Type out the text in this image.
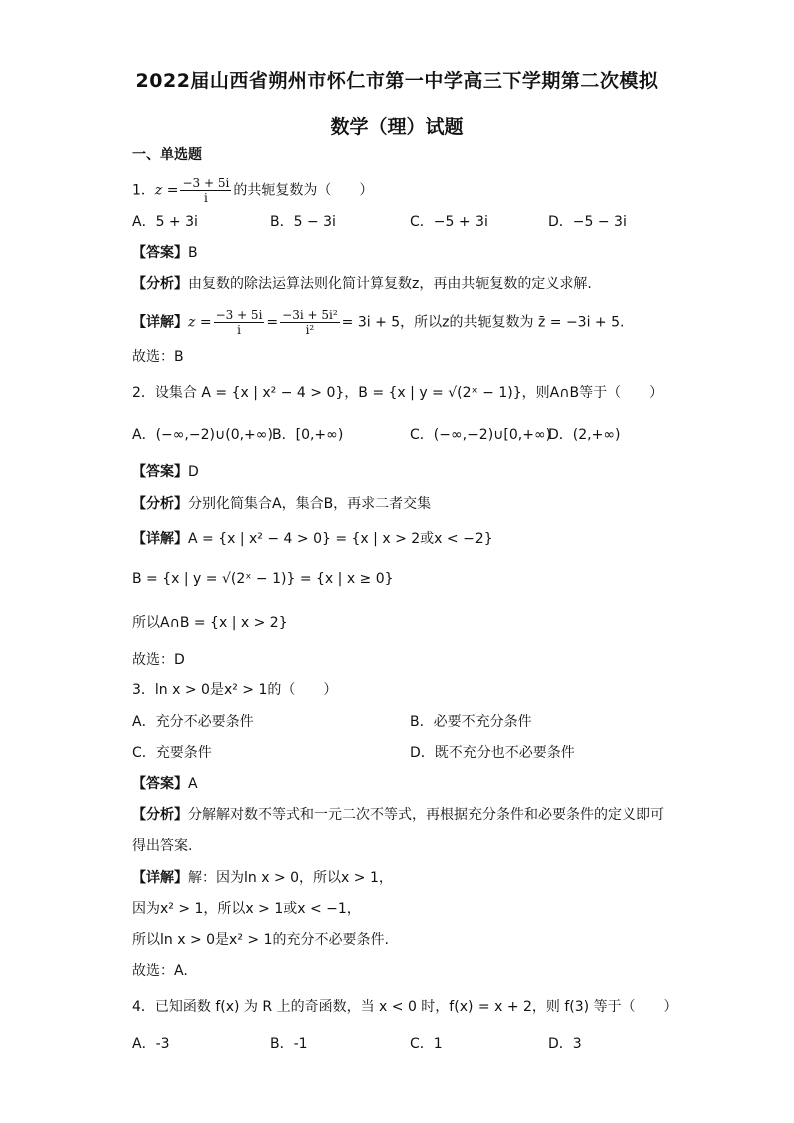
2022届山西省朔州市怀仁市第一中学高三下学期第二次模拟
数学（理）试题
一、单选题
1．$z = \frac{-3 + 5i}{i}$ 的共轭复数为（　　）
A．5 + 3i	B．5 − 3i	C．−5 + 3i	D．−5 − 3i
【答案】B
【分析】由复数的除法运算法则化简计算复数z，再由共轭复数的定义求解.
【详解】$z = \frac{-3 + 5i}{i} = \frac{\text{−3i + 5i²}}{\text{i²}} = 3i + 5$，所以z的共轭复数为 z̄ = −3i + 5.
故选：B
2．设集合 A = {x | x² − 4 > 0}，B = {x | y = √(2ˣ − 1)}，则A∩B等于（　　）
A．(−∞,−2)∪(0,+∞) B．[0,+∞)	C．(−∞,−2)∪[0,+∞)
D．(2,+∞)
【答案】D
【分析】分别化简集合A，集合B，再求二者交集
【详解】A = {x | x² − 4 > 0} = {x | x > 2或x < −2}
B = {x | y = √(2ˣ − 1)} = {x | x ≥ 0}
所以A∩B = {x | x > 2}
故选：D
3．ln x > 0是x² > 1的（　　）
A．充分不必要条件	B．必要不充分条件
C．充要条件	D．既不充分也不必要条件
【答案】A
【分析】分解解对数不等式和一元二次不等式，再根据充分条件和必要条件的定义即可
得出答案.
【详解】解：因为ln x > 0，所以x > 1，
因为x² > 1，所以x > 1或x < −1，
所以ln x > 0是x² > 1的充分不必要条件.
故选：A.
4．已知函数 f(x) 为 R 上的奇函数，当 x < 0 时，f(x) = x + 2，则 f(3) 等于（　　）
A．-3	B．-1	C．1	D．3
